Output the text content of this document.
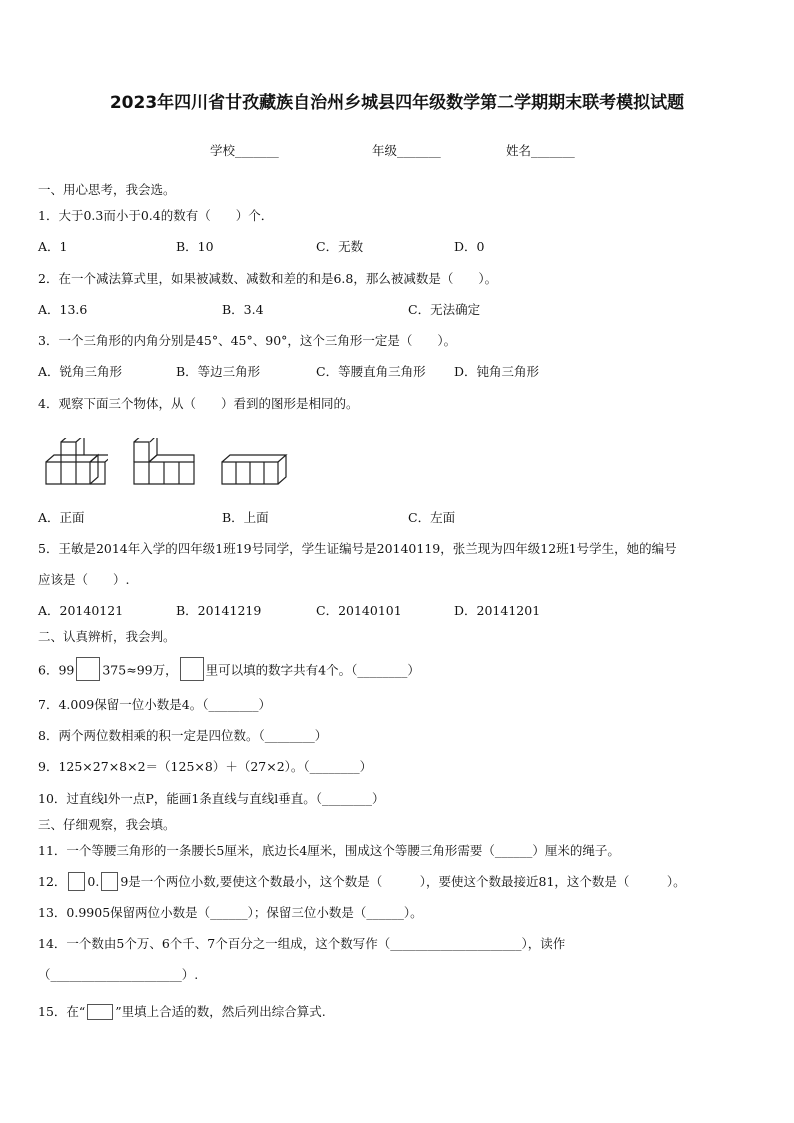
2023年四川省甘孜藏族自治州乡城县四年级数学第二学期期末联考模拟试题
学校_______	年级_______	姓名_______
一、用心思考，我会选。
1．大于0.3而小于0.4的数有（　　）个．
A．1	B．10	C．无数	D．0
2．在一个减法算式里，如果被减数、减数和差的和是6.8，那么被减数是（　　）。
A．13.6	B．3.4	C．无法确定
3．一个三角形的内角分别是45°、45°、90°，这个三角形一定是（　　）。
A．锐角三角形	B．等边三角形	C．等腰直角三角形 D．钝角三角形
4．观察下面三个物体，从（　　）看到的图形是相同的。
A．正面	B．上面	C．左面
5．王敏是2014年入学的四年级1班19号同学，学生证编号是20140119，张兰现为四年级12班1号学生，她的编号
应该是（　　）.
A．20140121	B．20141219	C．20140101	D．20141201
二、认真辨析，我会判。
6．99 375≈99万， 里可以填的数字共有4个。（________）
7．4.009保留一位小数是4。（________）
8．两个两位数相乘的积一定是四位数。（________）
9．125×27×8×2＝（125×8）＋（27×2）。（________）
10．过直线l外一点P，能画1条直线与直线l垂直。（________）
三、仔细观察，我会填。
11．一个等腰三角形的一条腰长5厘米，底边长4厘米，围成这个等腰三角形需要（______）厘米的绳子。
12． 0. 9是一个两位小数,要使这个数最小，这个数是（　　　），要使这个数最接近81，这个数是（　　　）。
13．0.9905保留两位小数是（______）；保留三位小数是（______）。
14．一个数由5个万、6个千、7个百分之一组成，这个数写作（_____________________），读作
（_____________________）.
15．在“ ”里填上合适的数，然后列出综合算式.
